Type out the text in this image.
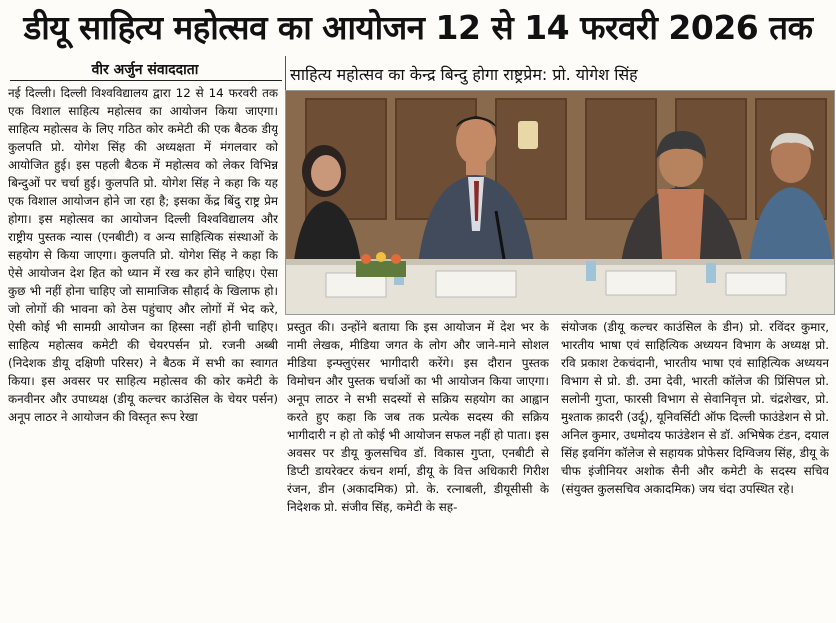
डीयू साहित्य महोत्सव का आयोजन 12 से 14 फरवरी 2026 तक
वीर अर्जुन संवाददाता	साहित्य महोत्सव का केन्द्र बिन्दु होगा राष्ट्रप्रेम: प्रो. योगेश सिंह

नई दिल्ली। दिल्ली विश्वविद्यालय द्वारा 12 से 14 फरवरी तक एक विशाल साहित्य महोत्सव का आयोजन किया जाएगा। साहित्य महोत्सव के लिए गठित कोर कमेटी की एक बैठक डीयू कुलपति प्रो. योगेश सिंह की अध्यक्षता में मंगलवार को आयोजित हुई। इस पहली बैठक में महोत्सव को लेकर विभिन्न बिन्दुओं पर चर्चा हुई। कुलपति प्रो. योगेश सिंह ने कहा कि यह एक विशाल आयोजन होने जा रहा है; इसका केंद्र बिंदु राष्ट्र प्रेम होगा। इस महोत्सव का आयोजन दिल्ली विश्वविद्यालय और राष्ट्रीय पुस्तक न्यास (एनबीटी) व अन्य साहित्यिक संस्थाओं के सहयोग से किया जाएगा। कुलपति प्रो. योगेश सिंह ने कहा कि ऐसे आयोजन देश हित को ध्यान में रख कर होने चाहिए। ऐसा कुछ भी नहीं होना चाहिए जो सामाजिक सौहार्द के खिलाफ हो। जो लोगों की भावना को ठेस पहुंचाए और लोगों में भेद करे, ऐसी कोई भी सामग्री आयोजन का हिस्सा नहीं होनी चाहिए। साहित्य महोत्सव कमेटी की चेयरपर्सन प्रो. रजनी अब्बी (निदेशक डीयू दक्षिणी परिसर) ने बैठक में सभी का स्वागत किया। इस अवसर पर साहित्य महोत्सव की कोर कमेटी के कनवीनर और उपाध्यक्ष (डीयू कल्चर काउंसिल के चेयर पर्सन) अनूप लाठर ने आयोजन की विस्तृत रूप रेखा

प्रस्तुत की। उन्होंने बताया कि इस आयोजन में देश भर के नामी लेखक, मीडिया जगत के लोग और जाने-माने सोशल मीडिया इन्फ्लुएंसर भागीदारी करेंगे। इस दौरान पुस्तक विमोचन और पुस्तक चर्चाओं का भी आयोजन किया जाएगा। अनूप लाठर ने सभी सदस्यों से सक्रिय सहयोग का आह्वान करते हुए कहा कि जब तक प्रत्येक सदस्य की सक्रिय भागीदारी न हो तो कोई भी आयोजन सफल नहीं हो पाता। इस अवसर पर डीयू कुलसचिव डॉ. विकास गुप्ता, एनबीटी से डिप्टी डायरेक्टर कंचन शर्मा, डीयू के वित्त अधिकारी गिरीश रंजन, डीन (अकादमिक) प्रो. के. रत्नाबली, डीयूसीसी के निदेशक प्रो. संजीव सिंह, कमेटी के सह-

संयोजक (डीयू कल्चर काउंसिल के डीन) प्रो. रविंदर कुमार, भारतीय भाषा एवं साहित्यिक अध्ययन विभाग के अध्यक्ष प्रो. रवि प्रकाश टेकचंदानी, भारतीय भाषा एवं साहित्यिक अध्ययन विभाग से प्रो. डी. उमा देवी, भारती कॉलेज की प्रिंसिपल प्रो. सलोनी गुप्ता, फारसी विभाग से सेवानिवृत्त प्रो. चंद्रशेखर, प्रो. मुश्ताक क़ादरी (उर्दू), यूनिवर्सिटी ऑफ दिल्ली फाउंडेशन से प्रो. अनिल कुमार, उधमोदय फाउंडेशन से डॉ. अभिषेक टंडन, दयाल सिंह इवनिंग कॉलेज से सहायक प्रोफेसर दिग्विजय सिंह, डीयू के चीफ इंजीनियर अशोक सैनी और कमेटी के सदस्य सचिव (संयुक्त कुलसचिव अकादमिक) जय चंदा उपस्थित रहे।
